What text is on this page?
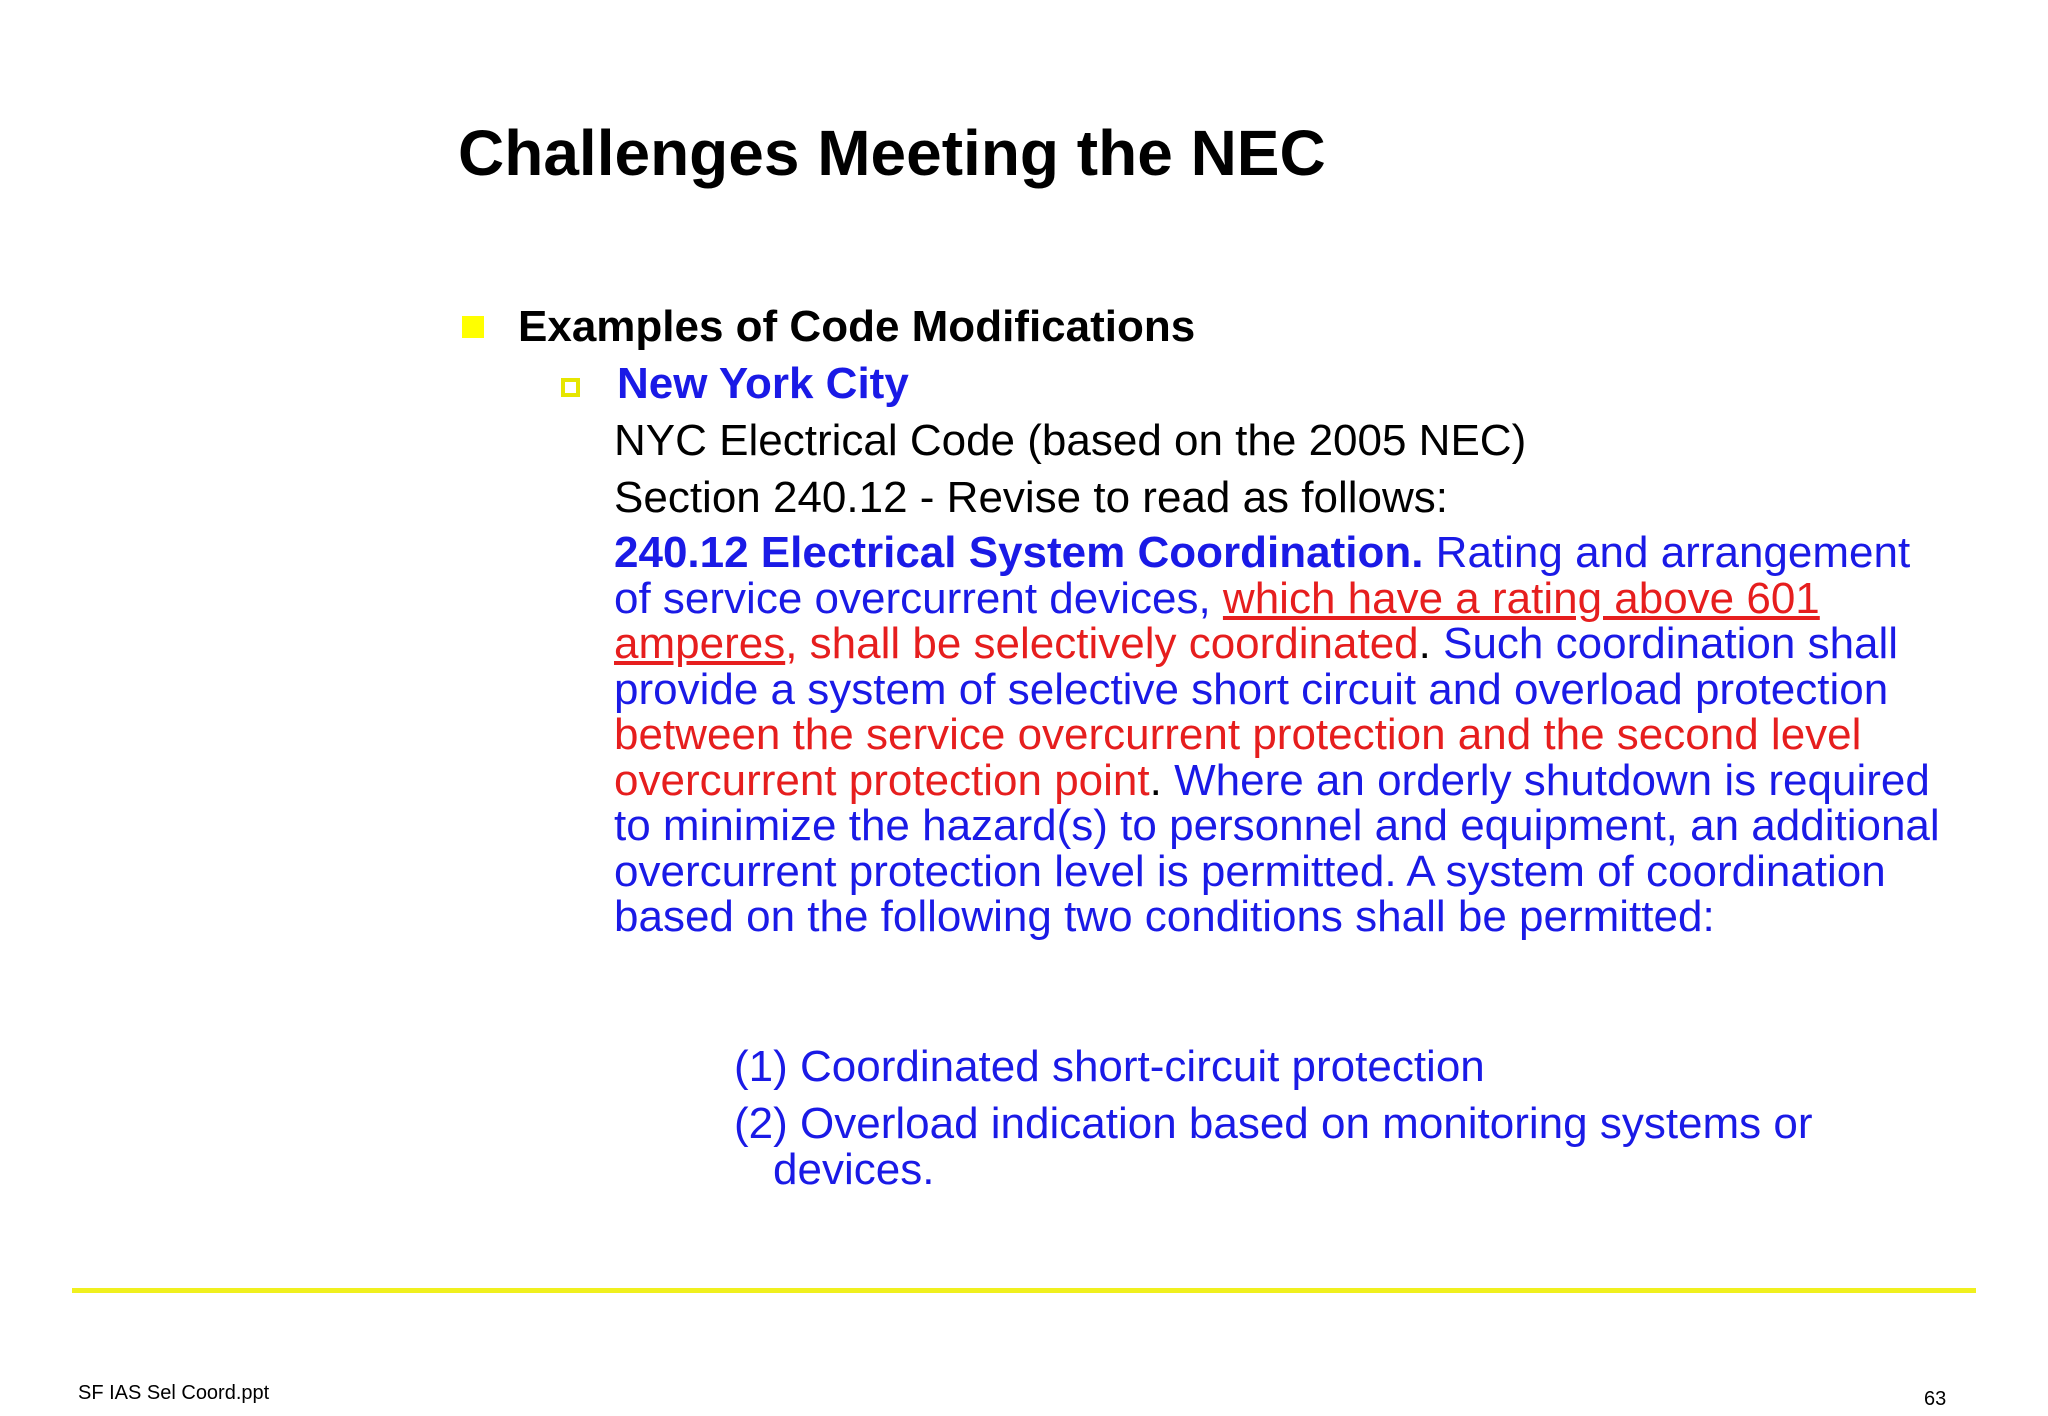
Challenges Meeting the NEC
Examples of Code Modifications
New York City
NYC Electrical Code (based on the 2005 NEC)
Section 240.12 - Revise to read as follows:

240.12 Electrical System Coordination. Rating and arrangement of service overcurrent devices, which have a rating above 601 amperes, shall be selectively coordinated. Such coordination shall provide a system of selective short circuit and overload protection between the service overcurrent protection and the second level overcurrent protection point. Where an orderly shutdown is required to minimize the hazard(s) to personnel and equipment, an additional overcurrent protection level is permitted. A system of coordination based on the following two conditions shall be permitted:

(1) Coordinated short-circuit protection
(2) Overload indication based on monitoring systems or
devices.
SF IAS Sel Coord.ppt	63
